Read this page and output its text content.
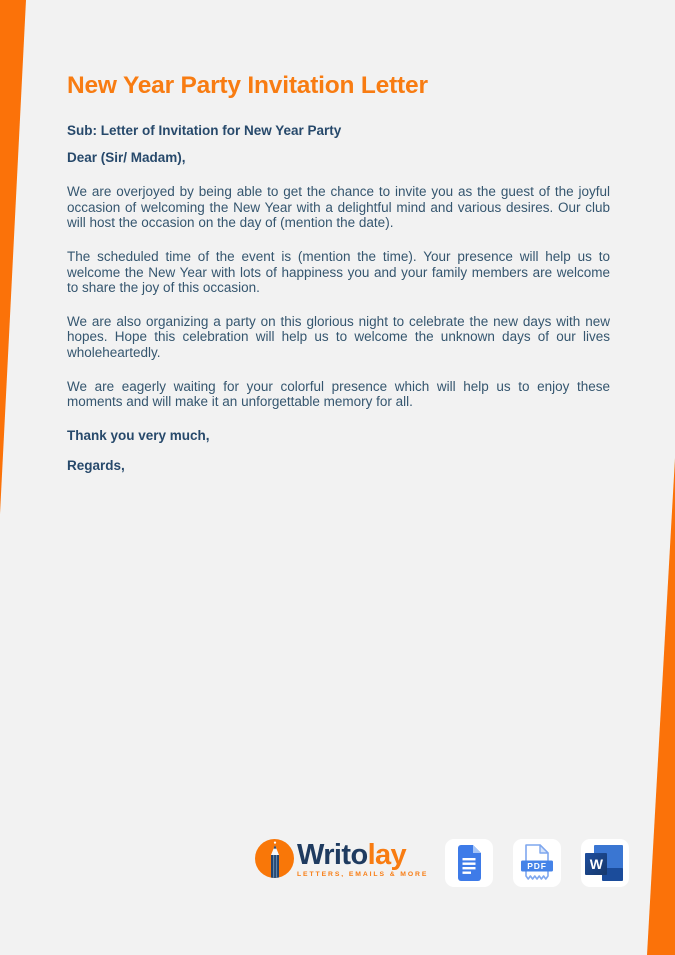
New Year Party Invitation Letter

Sub: Letter of Invitation for New Year Party

Dear (Sir/ Madam),

We are overjoyed by being able to get the chance to invite you as the guest of the joyful occasion of welcoming the New Year with a delightful mind and various desires. Our club will host the occasion on the day of (mention the date).

The scheduled time of the event is (mention the time). Your presence will help us to welcome the New Year with lots of happiness you and your family members are welcome to share the joy of this occasion.

We are also organizing a party on this glorious night to celebrate the new days with new hopes. Hope this celebration will help us to welcome the unknown days of our lives wholeheartedly.

We are eagerly waiting for your colorful presence which will help us to enjoy these moments and will make it an unforgettable memory for all.

Thank you very much,

Regards,

Writolay
LETTERS, EMAILS & MORE
PDF	W
